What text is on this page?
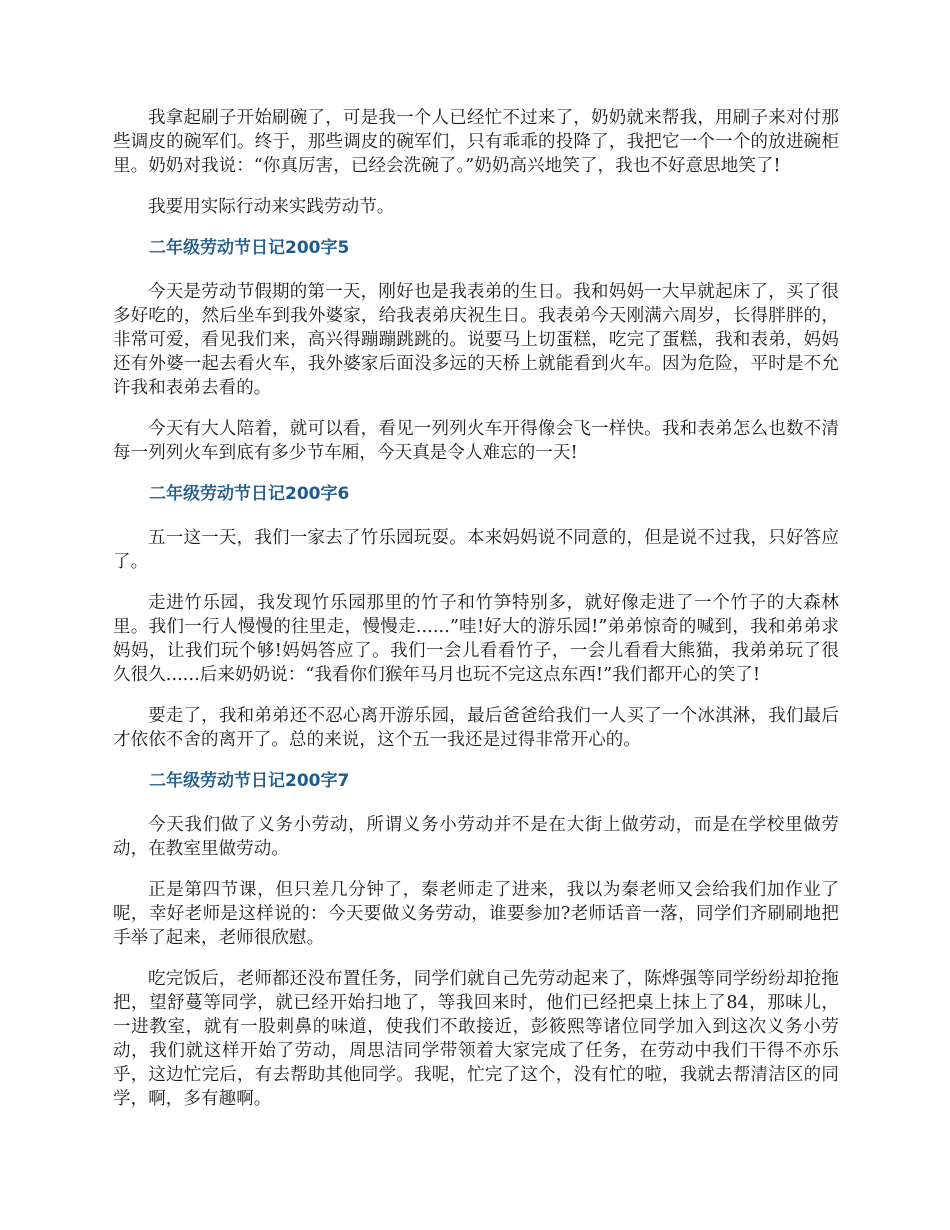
我拿起刷子开始刷碗了，可是我一个人已经忙不过来了，奶奶就来帮我，用刷子来对付那些调皮的碗军们。终于，那些调皮的碗军们，只有乖乖的投降了，我把它一个一个的放进碗柜里。奶奶对我说：“你真厉害，已经会洗碗了。”奶奶高兴地笑了，我也不好意思地笑了!

我要用实际行动来实践劳动节。

二年级劳动节日记200字5

今天是劳动节假期的第一天，刚好也是我表弟的生日。我和妈妈一大早就起床了，买了很多好吃的，然后坐车到我外婆家，给我表弟庆祝生日。我表弟今天刚满六周岁，长得胖胖的，非常可爱，看见我们来，高兴得蹦蹦跳跳的。说要马上切蛋糕，吃完了蛋糕，我和表弟，妈妈还有外婆一起去看火车，我外婆家后面没多远的天桥上就能看到火车。因为危险，平时是不允许我和表弟去看的。

今天有大人陪着，就可以看，看见一列列火车开得像会飞一样快。我和表弟怎么也数不清每一列列火车到底有多少节车厢，今天真是令人难忘的一天!

二年级劳动节日记200字6

五一这一天，我们一家去了竹乐园玩耍。本来妈妈说不同意的，但是说不过我，只好答应了。

走进竹乐园，我发现竹乐园那里的竹子和竹笋特别多，就好像走进了一个竹子的大森林里。我们一行人慢慢的往里走，慢慢走......”哇!好大的游乐园!”弟弟惊奇的喊到，我和弟弟求妈妈，让我们玩个够!妈妈答应了。我们一会儿看看竹子，一会儿看看大熊猫，我弟弟玩了很久很久......后来奶奶说：“我看你们猴年马月也玩不完这点东西!”我们都开心的笑了!

要走了，我和弟弟还不忍心离开游乐园，最后爸爸给我们一人买了一个冰淇淋，我们最后才依依不舍的离开了。总的来说，这个五一我还是过得非常开心的。

二年级劳动节日记200字7

今天我们做了义务小劳动，所谓义务小劳动并不是在大街上做劳动，而是在学校里做劳动，在教室里做劳动。

正是第四节课，但只差几分钟了，秦老师走了进来，我以为秦老师又会给我们加作业了呢，幸好老师是这样说的：今天要做义务劳动，谁要参加?老师话音一落，同学们齐刷刷地把手举了起来，老师很欣慰。

吃完饭后，老师都还没布置任务，同学们就自己先劳动起来了，陈烨强等同学纷纷却抢拖把，望舒蔓等同学，就已经开始扫地了，等我回来时，他们已经把桌上抹上了84，那味儿，一进教室，就有一股刺鼻的味道，使我们不敢接近，彭筱熙等诸位同学加入到这次义务小劳动，我们就这样开始了劳动，周思洁同学带领着大家完成了任务，在劳动中我们干得不亦乐乎，这边忙完后，有去帮助其他同学。我呢，忙完了这个，没有忙的啦，我就去帮清洁区的同学，啊，多有趣啊。
